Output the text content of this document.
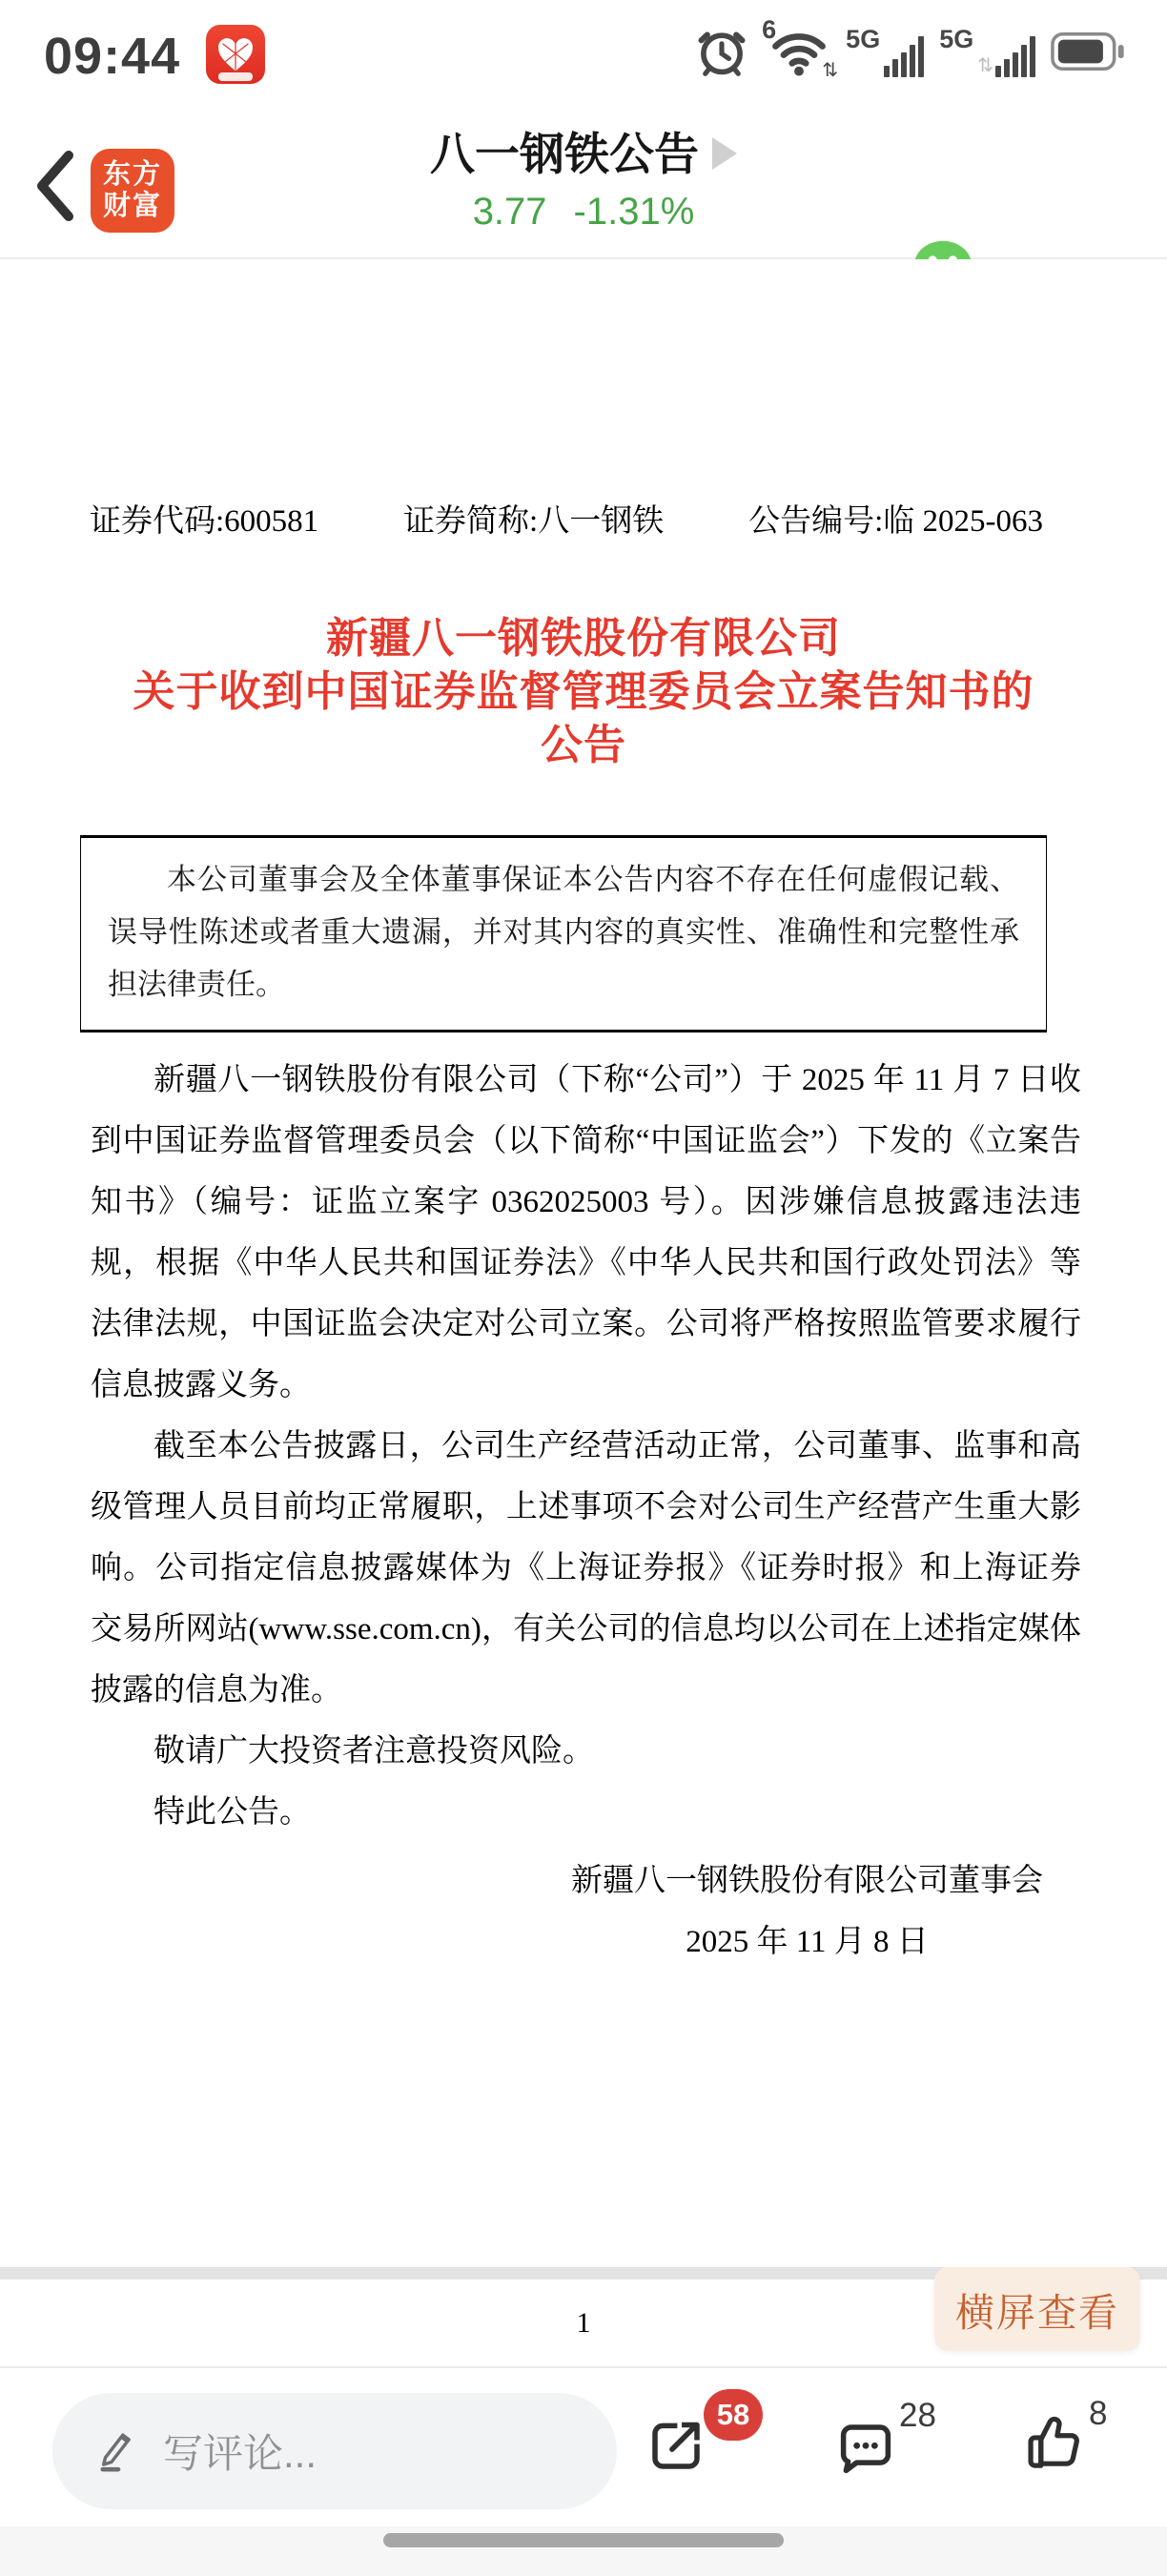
09:44	6
⇅
5G 5G
⇅
东方
财富
八一钢铁公告
3.77 -1.31%
证券代码:600581	证券简称:八一钢铁	公告编号:临 2025-063
新疆八一钢铁股份有限公司
关于收到中国证券监督管理委员会立案告知书的
公告
本公司董事会及全体董事保证本公告内容不存在任何虚假记载、误导性陈述或者重大遗漏，并对其内容的真实性、准确性和完整性承担法律责任。

新疆八一钢铁股份有限公司（下称“公司”）于 2025 年 11 月 7 日收到中国证券监督管理委员会（以下简称“中国证监会”）下发的《立案告知书》（编号：证监立案字 0362025003 号）。因涉嫌信息披露违法违规，根据《中华人民共和国证券法》《中华人民共和国行政处罚法》等法律法规，中国证监会决定对公司立案。公司将严格按照监管要求履行信息披露义务。

截至本公告披露日，公司生产经营活动正常，公司董事、监事和高级管理人员目前均正常履职，上述事项不会对公司生产经营产生重大影响。公司指定信息披露媒体为《上海证券报》《证券时报》和上海证券交易所网站(www.sse.com.cn)，有关公司的信息均以公司在上述指定媒体披露的信息为准。

敬请广大投资者注意投资风险。

特此公告。

新疆八一钢铁股份有限公司董事会
2025 年 11 月 8 日
1	横屏查看
写评论...
58	28	8
